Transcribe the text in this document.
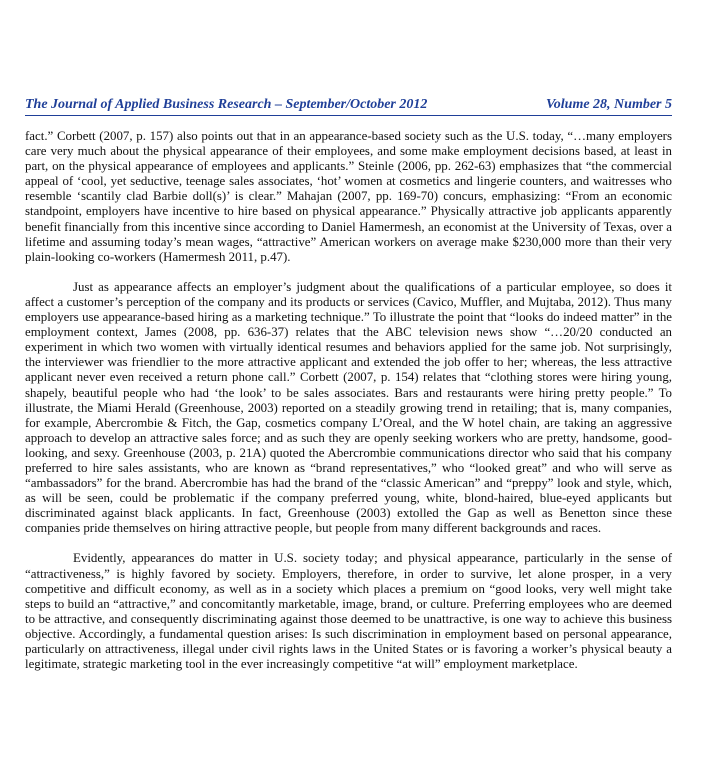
The Journal of Applied Business Research – September/October 2012	Volume 28, Number 5

fact.” Corbett (2007, p. 157) also points out that in an appearance-based society such as the U.S. today, “…many employers care very much about the physical appearance of their employees, and some make employment decisions based, at least in part, on the physical appearance of employees and applicants.” Steinle (2006, pp. 262-63) emphasizes that “the commercial appeal of ‘cool, yet seductive, teenage sales associates, ‘hot’ women at cosmetics and lingerie counters, and waitresses who resemble ‘scantily clad Barbie doll(s)’ is clear.” Mahajan (2007, pp. 169-70) concurs, emphasizing: “From an economic standpoint, employers have incentive to hire based on physical appearance.” Physically attractive job applicants apparently benefit financially from this incentive since according to Daniel Hamermesh, an economist at the University of Texas, over a lifetime and assuming today’s mean wages, “attractive” American workers on average make $230,000 more than their very plain-looking co-workers (Hamermesh 2011, p.47).

Just as appearance affects an employer’s judgment about the qualifications of a particular employee, so does it affect a customer’s perception of the company and its products or services (Cavico, Muffler, and Mujtaba, 2012). Thus many employers use appearance-based hiring as a marketing technique.” To illustrate the point that “looks do indeed matter” in the employment context, James (2008, pp. 636-37) relates that the ABC television news show “…20/20 conducted an experiment in which two women with virtually identical resumes and behaviors applied for the same job. Not surprisingly, the interviewer was friendlier to the more attractive applicant and extended the job offer to her; whereas, the less attractive applicant never even received a return phone call.” Corbett (2007, p. 154) relates that “clothing stores were hiring young, shapely, beautiful people who had ‘the look’ to be sales associates. Bars and restaurants were hiring pretty people.” To illustrate, the Miami Herald (Greenhouse, 2003) reported on a steadily growing trend in retailing; that is, many companies, for example, Abercrombie & Fitch, the Gap, cosmetics company L’Oreal, and the W hotel chain, are taking an aggressive approach to develop an attractive sales force; and as such they are openly seeking workers who are pretty, handsome, good-looking, and sexy. Greenhouse (2003, p. 21A) quoted the Abercrombie communications director who said that his company preferred to hire sales assistants, who are known as “brand representatives,” who “looked great” and who will serve as “ambassadors” for the brand. Abercrombie has had the brand of the “classic American” and “preppy” look and style, which, as will be seen, could be problematic if the company preferred young, white, blond-haired, blue-eyed applicants but discriminated against black applicants. In fact, Greenhouse (2003) extolled the Gap as well as Benetton since these companies pride themselves on hiring attractive people, but people from many different backgrounds and races.

Evidently, appearances do matter in U.S. society today; and physical appearance, particularly in the sense of “attractiveness,” is highly favored by society. Employers, therefore, in order to survive, let alone prosper, in a very competitive and difficult economy, as well as in a society which places a premium on “good looks, very well might take steps to build an “attractive,” and concomitantly marketable, image, brand, or culture. Preferring employees who are deemed to be attractive, and consequently discriminating against those deemed to be unattractive, is one way to achieve this business objective. Accordingly, a fundamental question arises: Is such discrimination in employment based on personal appearance, particularly on attractiveness, illegal under civil rights laws in the United States or is favoring a worker’s physical beauty a legitimate, strategic marketing tool in the ever increasingly competitive “at will” employment marketplace.
